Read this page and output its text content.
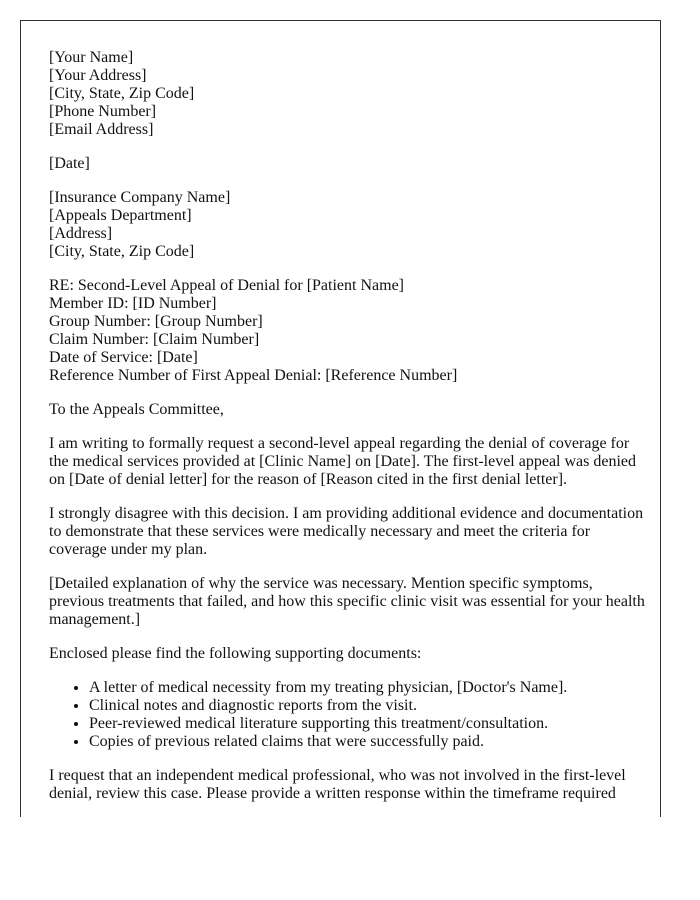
[Your Name]
[Your Address]
[City, State, Zip Code]
[Phone Number]
[Email Address]

[Date]

[Insurance Company Name]
[Appeals Department]
[Address]
[City, State, Zip Code]

RE: Second-Level Appeal of Denial for [Patient Name]
Member ID: [ID Number]
Group Number: [Group Number]
Claim Number: [Claim Number]
Date of Service: [Date]
Reference Number of First Appeal Denial: [Reference Number]

To the Appeals Committee,

I am writing to formally request a second-level appeal regarding the denial of coverage for the medical services provided at [Clinic Name] on [Date]. The first-level appeal was denied on [Date of denial letter] for the reason of [Reason cited in the first denial letter].

I strongly disagree with this decision. I am providing additional evidence and documentation to demonstrate that these services were medically necessary and meet the criteria for coverage under my plan.

[Detailed explanation of why the service was necessary. Mention specific symptoms, previous treatments that failed, and how this specific clinic visit was essential for your health management.]

Enclosed please find the following supporting documents:

• A letter of medical necessity from my treating physician, [Doctor's Name].
• Clinical notes and diagnostic reports from the visit.
• Peer-reviewed medical literature supporting this treatment/consultation.
• Copies of previous related claims that were successfully paid.

I request that an independent medical professional, who was not involved in the first-level denial, review this case. Please provide a written response within the timeframe required
